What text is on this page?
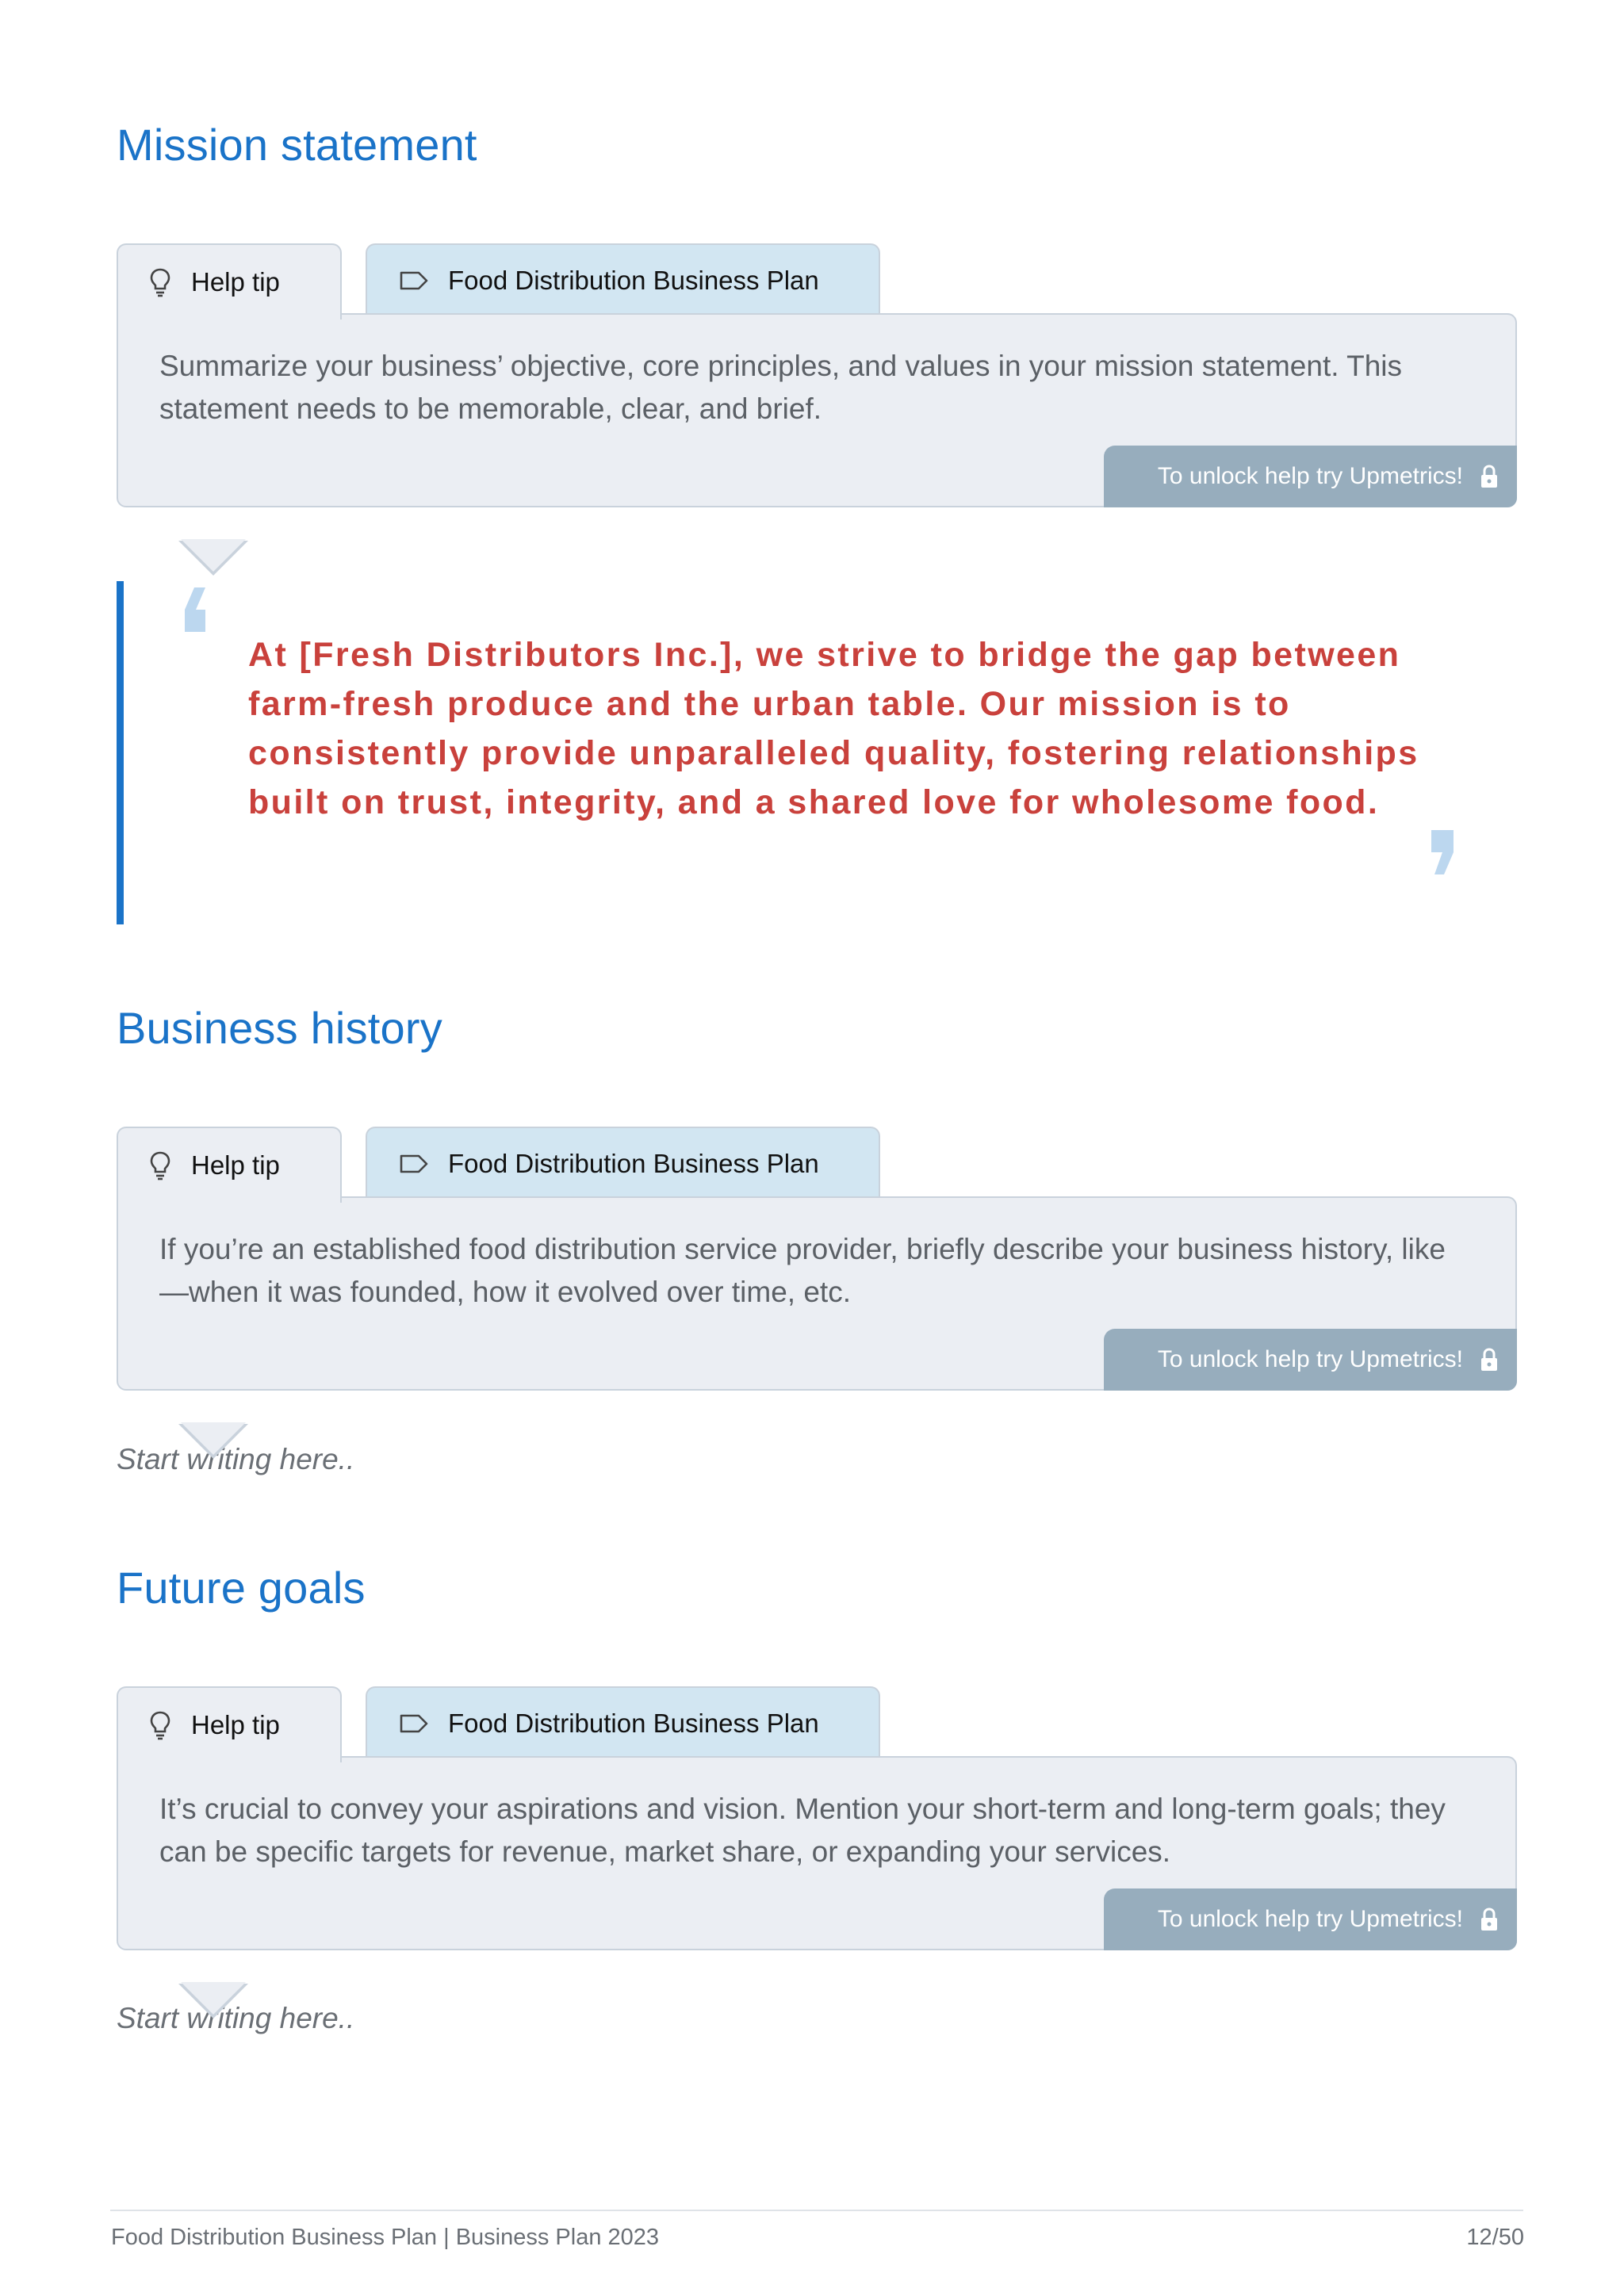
Mission statement
Help tip	Food Distribution Business Plan

Summarize your business’ objective, core principles, and values in your mission statement. This statement needs to be memorable, clear, and brief.

To unlock help try Upmetrics!

At [Fresh Distributors Inc.], we strive to bridge the gap between farm-fresh produce and the urban table. Our mission is to consistently provide unparalleled quality, fostering relationships built on trust, integrity, and a shared love for wholesome food.

Business history
Help tip	Food Distribution Business Plan

If you’re an established food distribution service provider, briefly describe your business history, like—when it was founded, how it evolved over time, etc.

To unlock help try Upmetrics!

Start writing here..

Future goals
Help tip	Food Distribution Business Plan

It’s crucial to convey your aspirations and vision. Mention your short-term and long-term goals; they can be specific targets for revenue, market share, or expanding your services.

To unlock help try Upmetrics!

Start writing here..

Food Distribution Business Plan | Business Plan 2023	12/50
